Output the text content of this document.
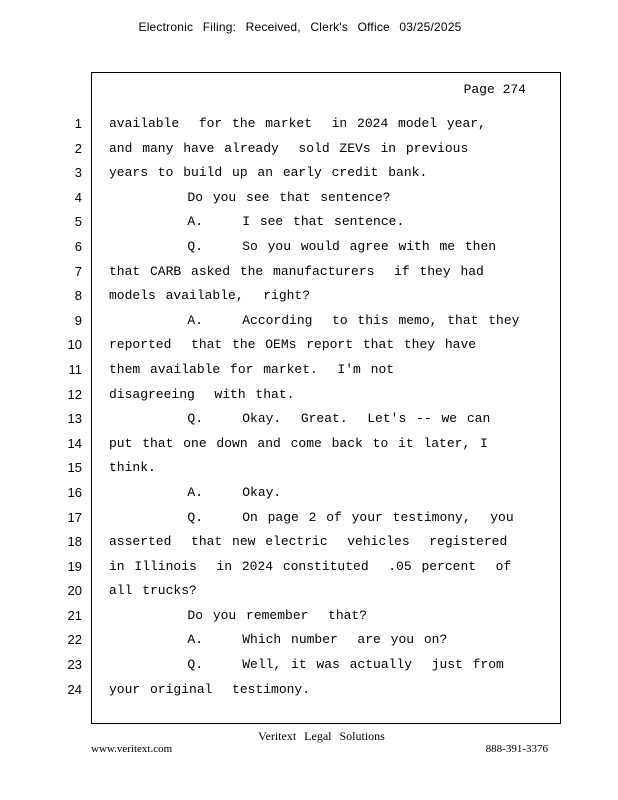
Electronic Filing: Received, Clerk's Office 03/25/2025
Page 274
1 available  for the market  in 2024 model year,
2 and many have already  sold ZEVs in previous
3 years to build up an early credit bank.
4 Do you see that sentence?
5 A.    I see that sentence.
6 Q.    So you would agree with me then
7 that CARB asked the manufacturers  if they had
8 models available,  right?
9 A.    According  to this memo, that they
10 reported  that the OEMs report that they have
11 them available for market.  I'm not
12 disagreeing  with that.
13 Q.    Okay.  Great.  Let's -- we can
14 put that one down and come back to it later, I
15 think.
16 A.    Okay.
17 Q.    On page 2 of your testimony,  you
18 asserted  that new electric  vehicles  registered
19 in Illinois  in 2024 constituted  .05 percent  of
20 all trucks?
21 Do you remember  that?
22 A.    Which number  are you on?
23 Q.    Well, it was actually  just from
24 your original  testimony.
Veritext Legal Solutions
www.veritext.com	888-391-3376
